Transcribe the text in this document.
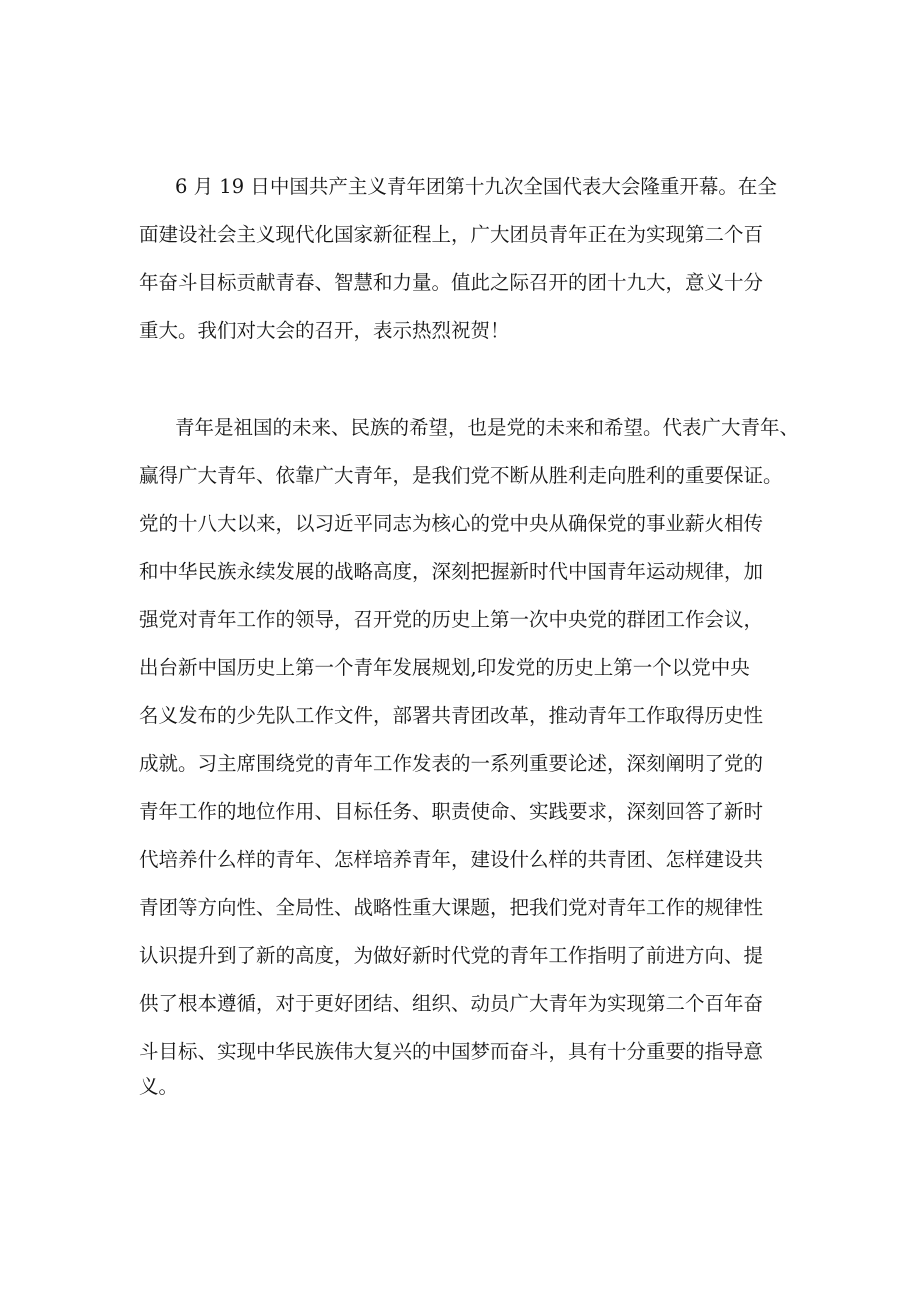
6 月 19 日中国共产主义青年团第十九次全国代表大会隆重开幕。在全

面建设社会主义现代化国家新征程上，广大团员青年正在为实现第二个百

年奋斗目标贡献青春、智慧和力量。值此之际召开的团十九大，意义十分

重大。我们对大会的召开，表示热烈祝贺！

青年是祖国的未来、民族的希望，也是党的未来和希望。代表广大青年、

赢得广大青年、依靠广大青年，是我们党不断从胜利走向胜利的重要保证。

党的十八大以来，以习近平同志为核心的党中央从确保党的事业薪火相传

和中华民族永续发展的战略高度，深刻把握新时代中国青年运动规律，加

强党对青年工作的领导，召开党的历史上第一次中央党的群团工作会议，

出台新中国历史上第一个青年发展规划,印发党的历史上第一个以党中央

名义发布的少先队工作文件，部署共青团改革，推动青年工作取得历史性

成就。习主席围绕党的青年工作发表的一系列重要论述，深刻阐明了党的

青年工作的地位作用、目标任务、职责使命、实践要求，深刻回答了新时

代培养什么样的青年、怎样培养青年，建设什么样的共青团、怎样建设共

青团等方向性、全局性、战略性重大课题，把我们党对青年工作的规律性

认识提升到了新的高度，为做好新时代党的青年工作指明了前进方向、提

供了根本遵循，对于更好团结、组织、动员广大青年为实现第二个百年奋

斗目标、实现中华民族伟大复兴的中国梦而奋斗，具有十分重要的指导意

义。
